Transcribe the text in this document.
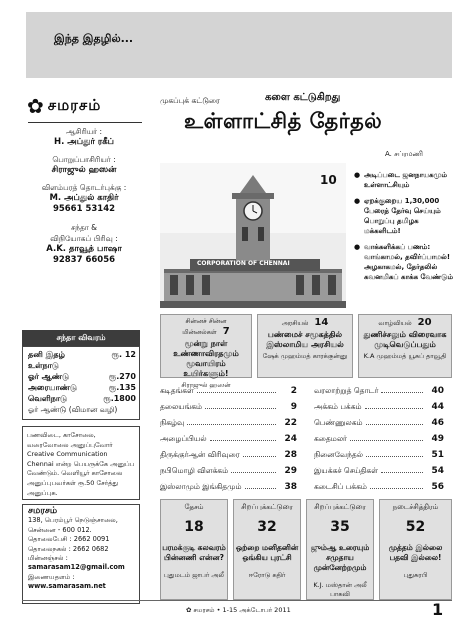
இந்த இதழில்...
✿ சமரசம்
ஆசிரியர் :
H. அப்துர் ரகீப்
பொறுப்பாசிரியர் :
சிராஜுல் ஹஸன்
விளம்பரத் தொடர்புக்கு :
M. அப்துல் காதிர்
95661 53142
சந்தா &
விநியோகப் பிரிவு :
A.K. தாவூத் பாஷா
92837 66056
சந்தா விவரம்
தனி இதழ்	ரூ. 12
உள்நாடு
ஓர் ஆண்டு	ரூ.270
அரையாண்டு	ரூ.135
வெளிநாடு	ரூ.1800
ஓர் ஆண்டு (விமான வழி)
பணவிடை, காசோலை, வரைவோலை அனுப்புவோர் Creative Communication Chennai என்ற பெயருக்கே அனுப்ப வேண்டும். வெளியூர் காசோலை அனுப்புபவர்கள் ரூ.50 சேர்த்து அனுப்புக.
சமரசம்
138, பெரம்பூர் நெடுஞ்சாலை,
சென்னை - 600 012.
தொலைபேசி : 2662 0091
தொலைநகல் : 2662 0682
மின்னஞ்சல் :
samarasam12@gmail.com
இணையதளம் :
www.samarasam.net
முகப்புக் கட்டுரை	களை கட்டுகிறது
உள்ளாட்சித் தேர்தல்
A. சப்ரமணி
CORPORATION OF CHENNAI
10	● அடிப்படை ஜனநாயகமும் உள்ளாட்சியும்
● ஏறக்குறைய 1,30,000 பேரைத் தேர்வு செய்யும் பொறுப்பு தமிழக மக்களிடம்!
● வாக்களிக்கப் பணம்: வாங்காமல், தவிர்ப்பாமல்! அழகாகமல், தேர்தலில் கவனமிகப் காக்க வேண்டும்
சின்னச் சின்ன மின்னல்கள் 7
மூன்று நாள் உண்ணாவிரதமும் மூவாயிரம் உயிர்களும்!
சிராஜுல் ஹஸன்
அரசியல் 14
பண்மைச் சமூகத்தில் இஸ்லாமிய அரசியல்
ஷேக் முஹம்மத் காரக்குன்னு
வாழ்வியல் 20
துணிச்சலும் விரைவாக முடிவெடுப்பதும்
K.A முஹம்மத் யூசுப் தாவூதி
கடிதங்கள்	2
தலையங்கம்	9
நிகழ்வு	22
அழைப்பியல்	24
திருக்குர்ஆன் விரிவுரை	28
நபிமொழி விளக்கம்	29
இஸ்லாமும் இங்கிதமும்	38
வரலாற்றுத் தொடர்	40
அக்கம் பக்கம்	44
பெண்ணுலகம்	46
கதைமலர்	49
நினைவேந்தல்	51
இயக்கச் செய்திகள்	54
கடைசிப் பக்கம்	56
தேசம்
18
பரமக்குடி கலவரம் பின்னணி என்ன?
புதுமடம் ஜாபர் அலீ
சிறப்புக்கட்டுரை
32
ஒற்றை மனிதனின் ஒங்கிய புரட்சி
ஈரோடு கதிர்
சிறப்புக்கட்டுரை
35
ஜும்ஆ உரையும் சமுதாய முன்னேற்றமும்
K.J. மஸ்தான் அலீ பாகவி
நடைச்சித்திரம்
52
முத்தம் இல்லை பதவி இல்லை!
புதுசுரபி
✿ சமரசம் • 1-15 அக்டோபர் 2011	1
